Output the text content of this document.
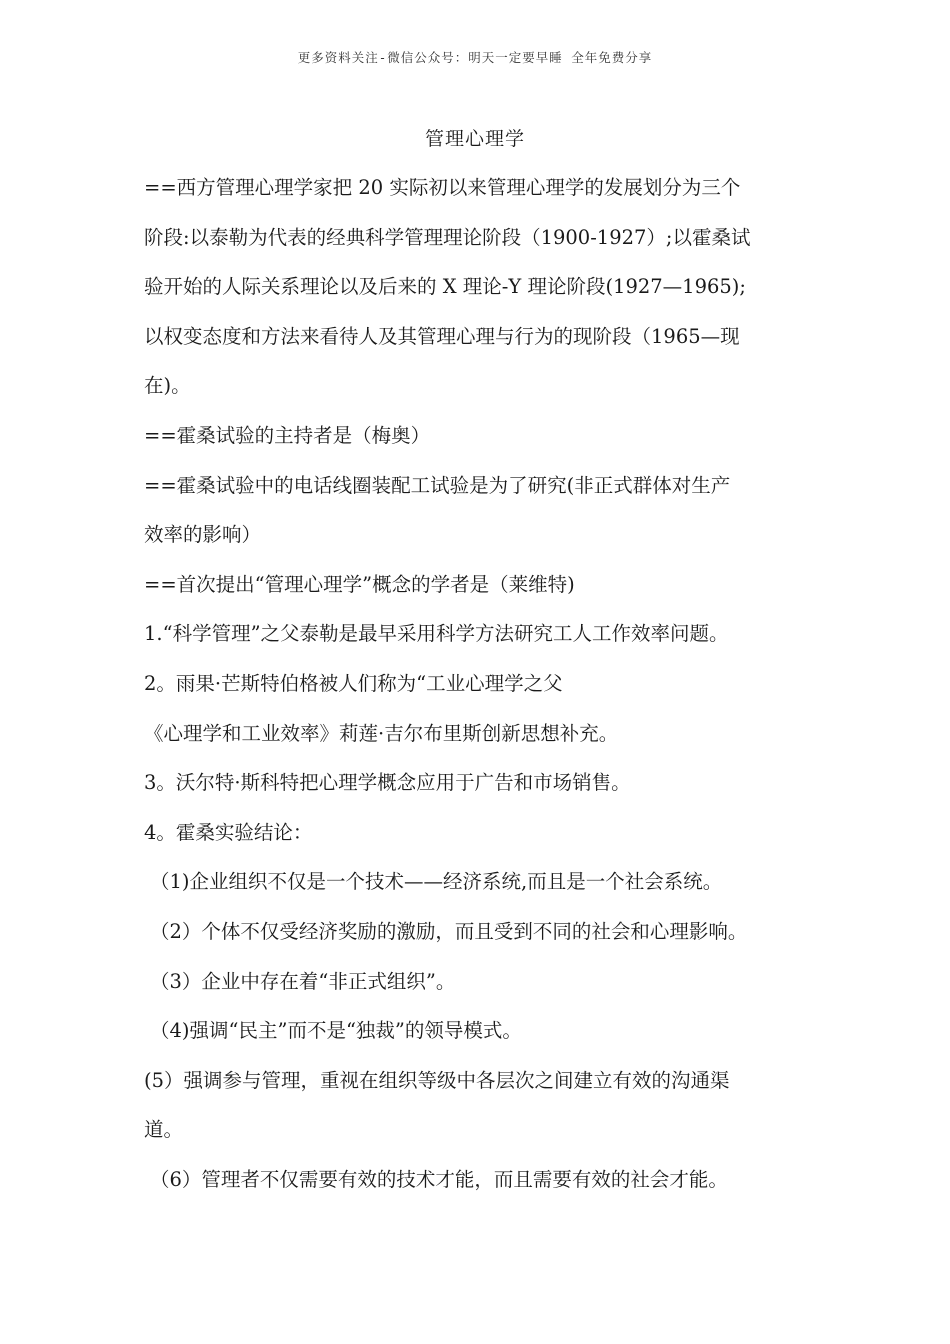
更多资料关注-微信公众号：明天一定要早睡 全年免费分享
管理心理学
==西方管理心理学家把 20 实际初以来管理心理学的发展划分为三个
阶段:以泰勒为代表的经典科学管理理论阶段（1900-1927）;以霍桑试
验开始的人际关系理论以及后来的 X 理论-Y 理论阶段(1927—1965);
以权变态度和方法来看待人及其管理心理与行为的现阶段（1965—现
在)。
==霍桑试验的主持者是（梅奥）
==霍桑试验中的电话线圈装配工试验是为了研究(非正式群体对生产
效率的影响）
==首次提出“管理心理学”概念的学者是（莱维特)
1.“科学管理”之父泰勒是最早采用科学方法研究工人工作效率问题。
2。雨果·芒斯特伯格被人们称为“工业心理学之父
《心理学和工业效率》莉莲·吉尔布里斯创新思想补充。
3。沃尔特·斯科特把心理学概念应用于广告和市场销售。
4。霍桑实验结论：
（1)企业组织不仅是一个技术——经济系统,而且是一个社会系统。
（2）个体不仅受经济奖励的激励，而且受到不同的社会和心理影响。
（3）企业中存在着“非正式组织”。
（4)强调“民主”而不是“独裁”的领导模式。
(5）强调参与管理，重视在组织等级中各层次之间建立有效的沟通渠
道。
（6）管理者不仅需要有效的技术才能，而且需要有效的社会才能。
